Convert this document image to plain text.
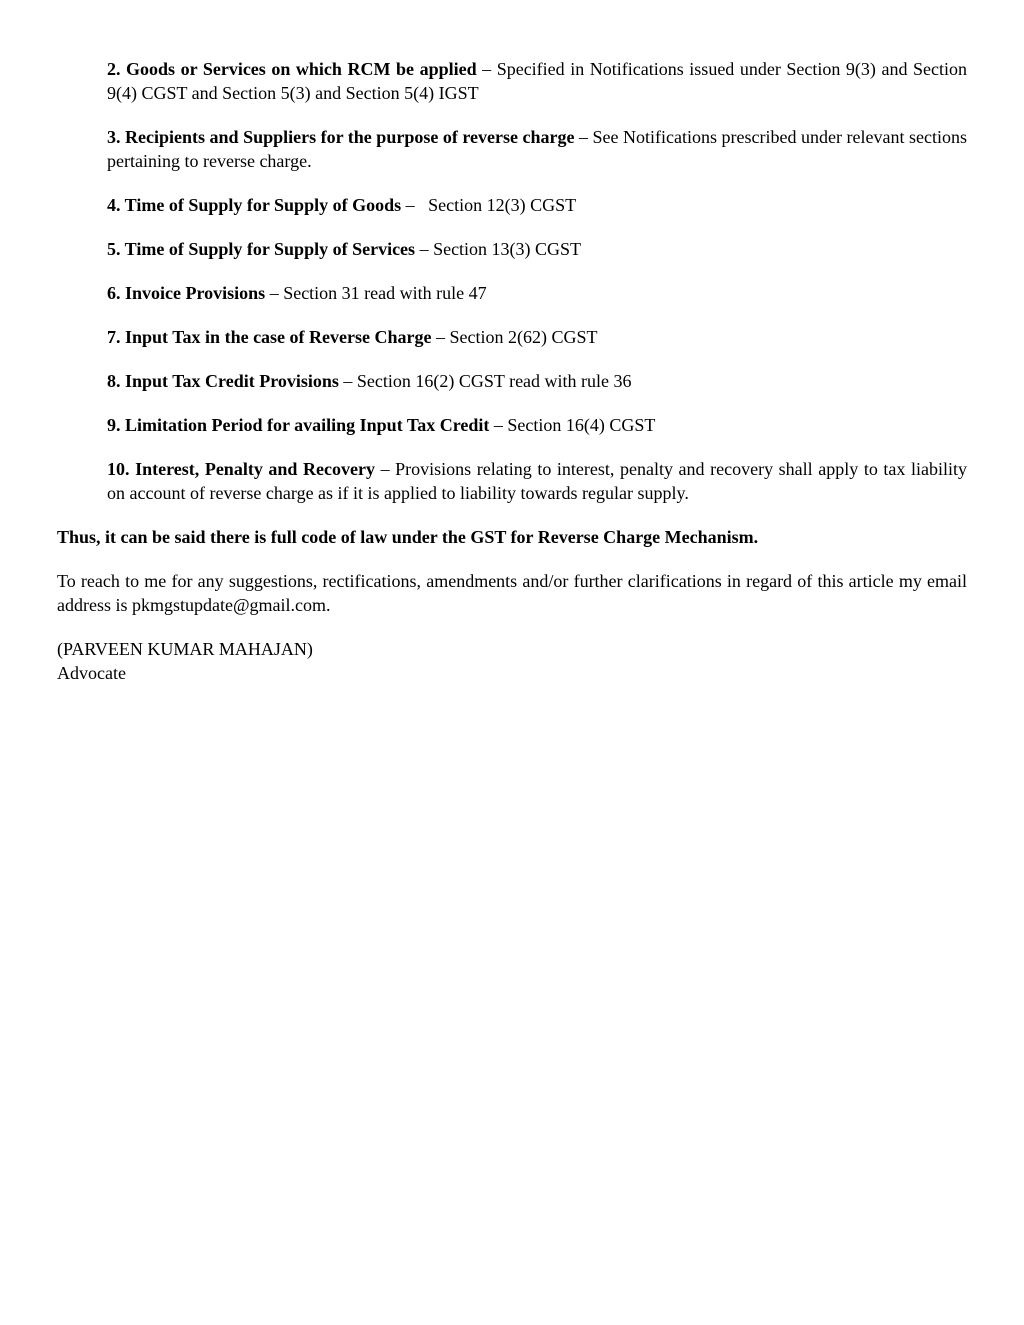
2. Goods or Services on which RCM be applied – Specified in Notifications issued under Section 9(3) and Section 9(4) CGST and Section 5(3) and Section 5(4) IGST

3. Recipients and Suppliers for the purpose of reverse charge – See Notifications prescribed under relevant sections pertaining to reverse charge.

4. Time of Supply for Supply of Goods –   Section 12(3) CGST

5. Time of Supply for Supply of Services – Section 13(3) CGST

6. Invoice Provisions – Section 31 read with rule 47

7. Input Tax in the case of Reverse Charge – Section 2(62) CGST

8. Input Tax Credit Provisions – Section 16(2) CGST read with rule 36

9. Limitation Period for availing Input Tax Credit – Section 16(4) CGST

10. Interest, Penalty and Recovery – Provisions relating to interest, penalty and recovery shall apply to tax liability on account of reverse charge as if it is applied to liability towards regular supply.

Thus, it can be said there is full code of law under the GST for Reverse Charge Mechanism.

To reach to me for any suggestions, rectifications, amendments and/or further clarifications in regard of this article my email address is pkmgstupdate@gmail.com.

(PARVEEN KUMAR MAHAJAN)
Advocate
